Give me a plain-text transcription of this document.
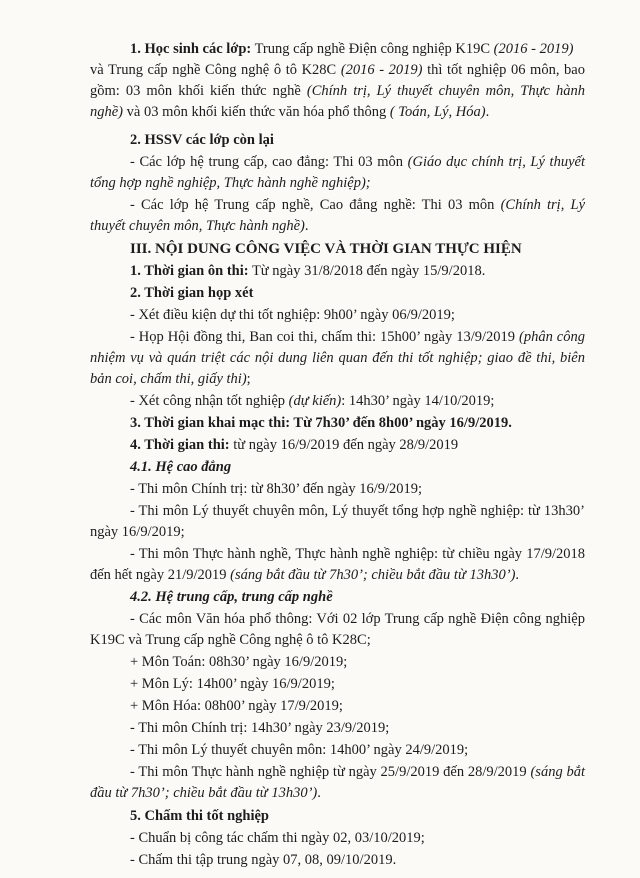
1. Học sinh các lớp: Trung cấp nghề Điện công nghiệp K19C (2016 - 2019)
và Trung cấp nghề Công nghệ ô tô K28C (2016 - 2019) thì tốt nghiệp 06 môn, bao
gồm: 03 môn khối kiến thức nghề (Chính trị, Lý thuyết chuyên môn, Thực hành
nghề) và 03 môn khối kiến thức văn hóa phổ thông ( Toán, Lý, Hóa).
2. HSSV các lớp còn lại
- Các lớp hệ trung cấp, cao đẳng: Thi 03 môn (Giáo dục chính trị, Lý thuyết
tổng hợp nghề nghiệp, Thực hành nghề nghiệp);
- Các lớp hệ Trung cấp nghề, Cao đẳng nghề: Thi 03 môn (Chính trị, Lý
thuyết chuyên môn, Thực hành nghề).
III. NỘI DUNG CÔNG VIỆC VÀ THỜI GIAN THỰC HIỆN
1. Thời gian ôn thi: Từ ngày 31/8/2018 đến ngày 15/9/2018.
2. Thời gian họp xét
- Xét điều kiện dự thi tốt nghiệp: 9h00’ ngày 06/9/2019;
- Họp Hội đồng thi, Ban coi thi, chấm thi: 15h00’ ngày 13/9/2019 (phân công
nhiệm vụ và quán triệt các nội dung liên quan đến thi tốt nghiệp; giao đề thi, biên
bản coi, chấm thi, giấy thi);
- Xét công nhận tốt nghiệp (dự kiến): 14h30’ ngày 14/10/2019;
3. Thời gian khai mạc thi: Từ 7h30’ đến 8h00’ ngày 16/9/2019.
4. Thời gian thi: từ ngày 16/9/2019 đến ngày 28/9/2019
4.1. Hệ cao đẳng
- Thi môn Chính trị: từ 8h30’ đến ngày 16/9/2019;
- Thi môn Lý thuyết chuyên môn, Lý thuyết tổng hợp nghề nghiệp: từ 13h30’
ngày 16/9/2019;
- Thi môn Thực hành nghề, Thực hành nghề nghiệp: từ chiều ngày 17/9/2018
đến hết ngày 21/9/2019 (sáng bắt đầu từ 7h30’; chiều bắt đầu từ 13h30’).
4.2. Hệ trung cấp, trung cấp nghề
- Các môn Văn hóa phổ thông: Với 02 lớp Trung cấp nghề Điện công nghiệp
K19C và Trung cấp nghề Công nghệ ô tô K28C;
+ Môn Toán: 08h30’ ngày 16/9/2019;
+ Môn Lý: 14h00’ ngày 16/9/2019;
+ Môn Hóa: 08h00’ ngày 17/9/2019;
- Thi môn Chính trị: 14h30’ ngày 23/9/2019;
- Thi môn Lý thuyết chuyên môn: 14h00’ ngày 24/9/2019;
- Thi môn Thực hành nghề nghiệp từ ngày 25/9/2019 đến 28/9/2019 (sáng bắt
đầu từ 7h30’; chiều bắt đầu từ 13h30’).
5. Chấm thi tốt nghiệp
- Chuẩn bị công tác chấm thi ngày 02, 03/10/2019;
- Chấm thi tập trung ngày 07, 08, 09/10/2019.
